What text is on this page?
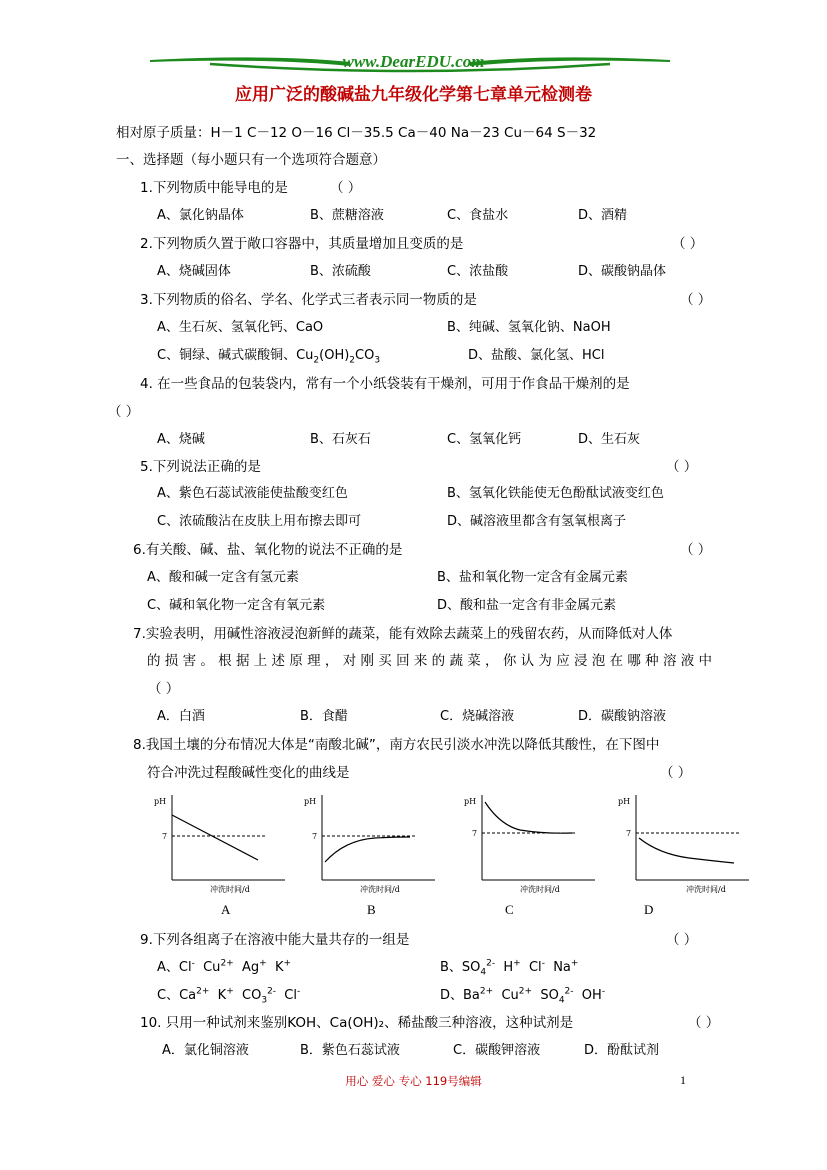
www.DearEDU.com
应用广泛的酸碱盐九年级化学第七章单元检测卷
相对原子质量：H－1 C－12 O－16 Cl－35.5 Ca－40 Na－23 Cu－64 S－32
一、选择题（每小题只有一个选项符合题意）
1.下列物质中能导电的是	（ ）
A、氯化钠晶体	B、蔗糖溶液	C、食盐水	D、酒精
2.下列物质久置于敞口容器中，其质量增加且变质的是	（ ）
A、烧碱固体	B、浓硫酸	C、浓盐酸	D、碳酸钠晶体
3.下列物质的俗名、学名、化学式三者表示同一物质的是	（ ）
A、生石灰、氢氧化钙、CaO	B、纯碱、氢氧化钠、NaOH
C、铜绿、碱式碳酸铜、$Cu_2(OH)_2CO_3$	D、盐酸、氯化氢、HCl
4. 在一些食品的包装袋内，常有一个小纸袋装有干燥剂，可用于作食品干燥剂的是
（ ）
A、烧碱	B、石灰石	C、氢氧化钙	D、生石灰
5.下列说法正确的是	（ ）
A、紫色石蕊试液能使盐酸变红色	B、氢氧化铁能使无色酚酞试液变红色
C、浓硫酸沾在皮肤上用布擦去即可	D、碱溶液里都含有氢氧根离子
6.有关酸、碱、盐、氧化物的说法不正确的是	（ ）
A、酸和碱一定含有氢元素	B、盐和氧化物一定含有金属元素
C、碱和氧化物一定含有氧元素	D、酸和盐一定含有非金属元素
7.实验表明，用碱性溶液浸泡新鲜的蔬菜，能有效除去蔬菜上的残留农药，从而降低对人体
的 损 害 。 根 据 上 述 原 理 ， 对 刚 买 回 来 的 蔬 菜 ， 你 认 为 应 浸 泡 在 哪 种 溶 液 中
（ ）
A．白酒	B．食醋	C．烧碱溶液	D．碳酸钠溶液
8.我国土壤的分布情况大体是“南酸北碱”，南方农民引淡水冲洗以降低其酸性，在下图中
符合冲洗过程酸碱性变化的曲线是	（ ）
pH
7
冲洗时间/d
pH
7
冲洗时间/d
pH
7
冲洗时间/d
pH
7
冲洗时间/d
A	B	C	D
9.下列各组离子在溶液中能大量共存的一组是	（ ）
A、Cl-  $Cu^{2+}$  Ag+  K+	B、$SO_4^{2-}$  H+  Cl-  Na+
C、$Ca^{2+}$  K+  $CO_3^{2-}$  Cl-	D、$Ba^{2+}$  $Cu^{2+}$  $SO_4^{2-}$  OH-
10. 只用一种试剂来鉴别KOH、Ca(OH)₂、稀盐酸三种溶液，这种试剂是	（ ）
A．氯化铜溶液	B．紫色石蕊试液	C．碳酸钾溶液	D．酚酞试剂
用心 爱心 专心 119号编辑	1
